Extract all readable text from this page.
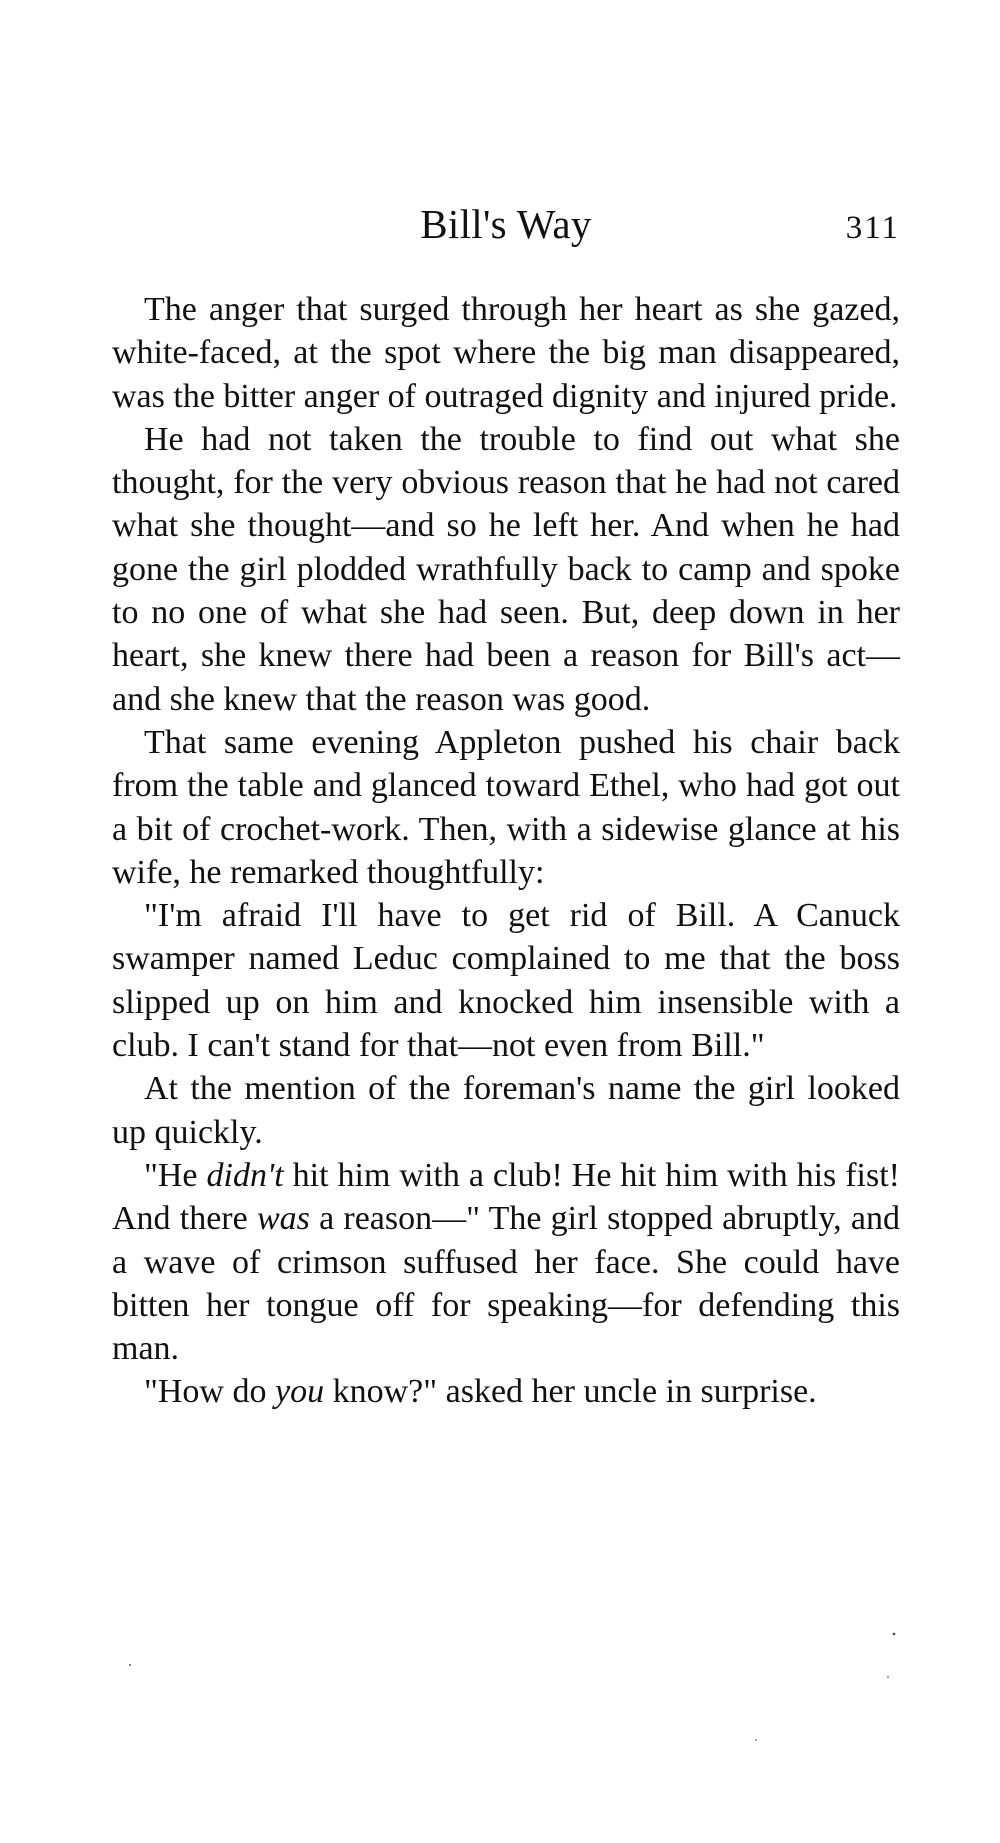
Bill's Way	311

The anger that surged through her heart as she gazed, white-faced, at the spot where the big man disappeared, was the bitter anger of outraged dignity and injured pride.

He had not taken the trouble to find out what she thought, for the very obvious reason that he had not cared what she thought—and so he left her. And when he had gone the girl plodded wrathfully back to camp and spoke to no one of what she had seen. But, deep down in her heart, she knew there had been a reason for Bill's act—and she knew that the reason was good.

That same evening Appleton pushed his chair back from the table and glanced toward Ethel, who had got out a bit of crochet-work. Then, with a sidewise glance at his wife, he remarked thoughtfully:

"I'm afraid I'll have to get rid of Bill. A Canuck swamper named Leduc complained to me that the boss slipped up on him and knocked him insensible with a club. I can't stand for that—not even from Bill."

At the mention of the foreman's name the girl looked up quickly.

"He didn't hit him with a club! He hit him with his fist! And there was a reason—" The girl stopped abruptly, and a wave of crimson suffused her face. She could have bitten her tongue off for speaking—for defending this man.

"How do you know?" asked her uncle in surprise.
